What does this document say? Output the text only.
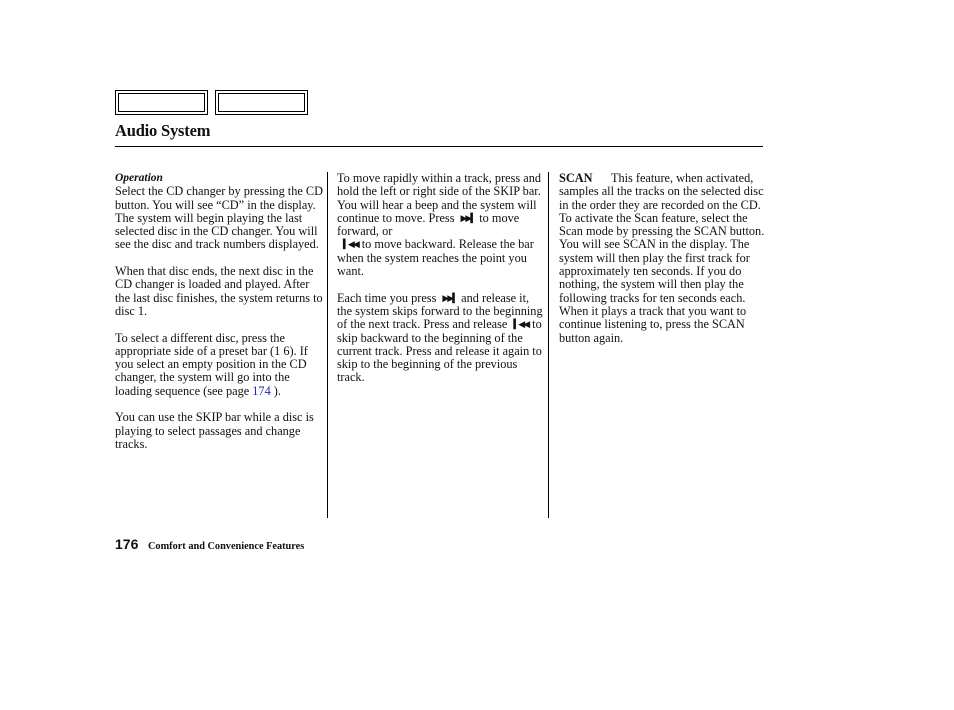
Audio System
Operation

Select the CD changer by pressing the CD button. You will see “CD” in the display. The system will begin playing the last selected disc in the CD changer. You will see the disc and track numbers displayed.

When that disc ends, the next disc in the CD changer is loaded and played. After the last disc finishes, the system returns to disc 1.

To select a different disc, press the appropriate side of a preset bar (1 6). If you select an empty position in the CD changer, the system will go into the loading sequence (see page 174 ).

You can use the SKIP bar while a disc is playing to select passages and change tracks.

To move rapidly within a track, press and hold the left or right side of the SKIP bar. You will hear a beep and the system will continue to move. Press ▶▶▍ to move forward, or
▍◀◀ to move backward. Release the bar when the system reaches the point you want.

Each time you press ▶▶▍ and release it, the system skips forward to the beginning of the next track. Press and release ▍◀◀ to skip backward to the beginning of the current track. Press and release it again to skip to the beginning of the previous track.

SCAN This feature, when activated, samples all the tracks on the selected disc in the order they are recorded on the CD. To activate the Scan feature, select the Scan mode by pressing the SCAN button. You will see SCAN in the display. The system will then play the first track for approximately ten seconds. If you do nothing, the system will then play the following tracks for ten seconds each. When it plays a track that you want to continue listening to, press the SCAN button again.

176 Comfort and Convenience Features
